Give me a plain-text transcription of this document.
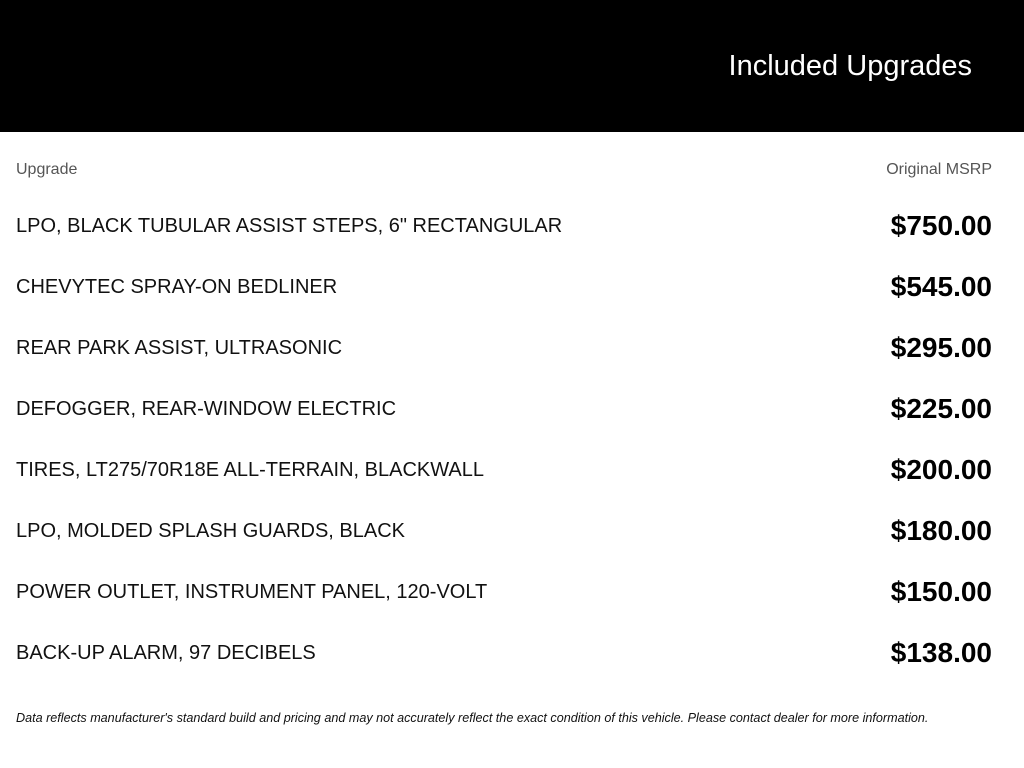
Included Upgrades
Upgrade	Original MSRP
LPO, BLACK TUBULAR ASSIST STEPS, 6" RECTANGULAR	$750.00
CHEVYTEC SPRAY-ON BEDLINER	$545.00
REAR PARK ASSIST, ULTRASONIC	$295.00
DEFOGGER, REAR-WINDOW ELECTRIC	$225.00
TIRES, LT275/70R18E ALL-TERRAIN, BLACKWALL	$200.00
LPO, MOLDED SPLASH GUARDS, BLACK	$180.00
POWER OUTLET, INSTRUMENT PANEL, 120-VOLT	$150.00
BACK-UP ALARM, 97 DECIBELS	$138.00
Data reflects manufacturer's standard build and pricing and may not accurately reflect the exact condition of this vehicle. Please contact dealer for more information.
